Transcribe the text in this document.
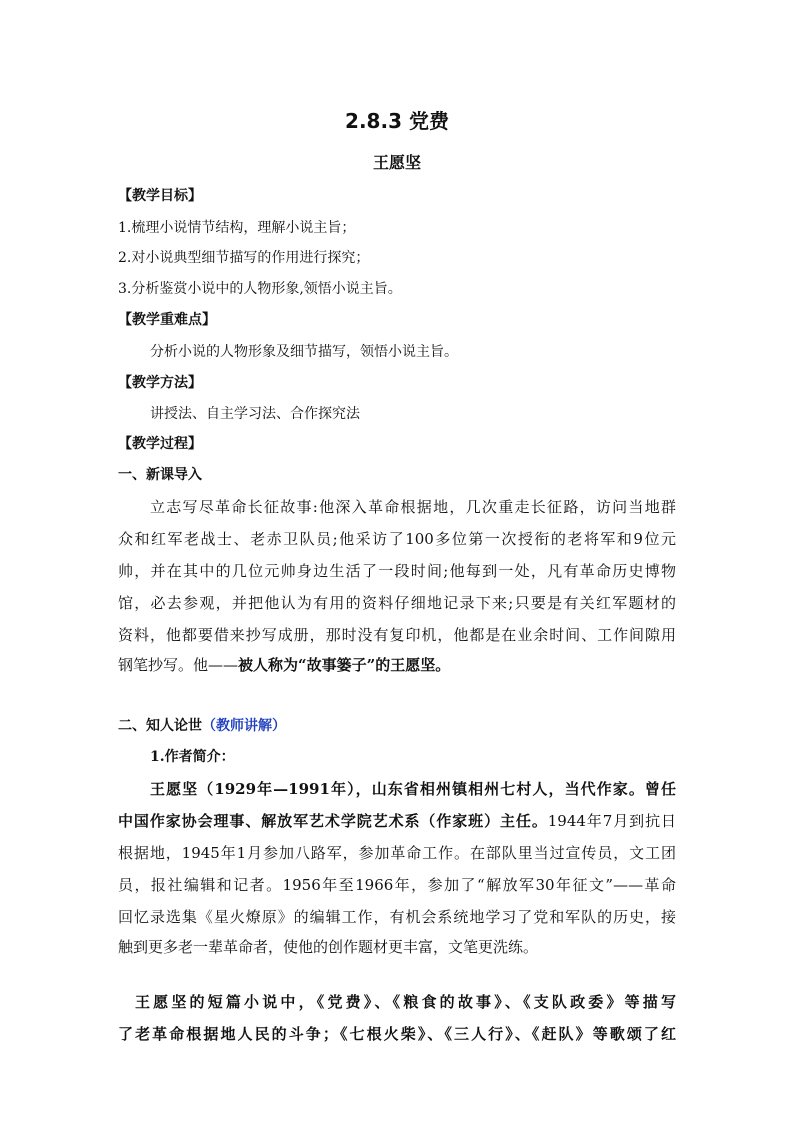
2.8.3 党费
王愿坚
【教学目标】
1.梳理小说情节结构，理解小说主旨；
2.对小说典型细节描写的作用进行探究；
3.分析鉴赏小说中的人物形象,领悟小说主旨。
【教学重难点】
分析小说的人物形象及细节描写，领悟小说主旨。
【教学方法】
讲授法、自主学习法、合作探究法
【教学过程】
一、新课导入
立志写尽革命长征故事:他深入革命根据地，几次重走长征路，访问当地群
众和红军老战士、老赤卫队员;他采访了100多位第一次授衔的老将军和9位元
帅，并在其中的几位元帅身边生活了一段时间;他每到一处，凡有革命历史博物
馆，必去参观，并把他认为有用的资料仔细地记录下来;只要是有关红军题材的
资料，他都要借来抄写成册，那时没有复印机，他都是在业余时间、工作间隙用
钢笔抄写。他——被人称为“故事篓子”的王愿坚。
二、知人论世（教师讲解）
1.作者简介：
王愿坚（1929年—1991年），山东省相州镇相州七村人，当代作家。曾任
中国作家协会理事、解放军艺术学院艺术系（作家班）主任。1944年7月到抗日
根据地，1945年1月参加八路军，参加革命工作。在部队里当过宣传员，文工团
员，报社编辑和记者。1956年至1966年，参加了“解放军30年征文”——革命
回忆录选集《星火燎原》的编辑工作，有机会系统地学习了党和军队的历史，接
触到更多老一辈革命者，使他的创作题材更丰富，文笔更洗练。
王愿坚的短篇小说中，《党费》、《粮食的故事》、《支队政委》等描写
了老革命根据地人民的斗争；《七根火柴》、《三人行》、《赶队》等歌颂了红
